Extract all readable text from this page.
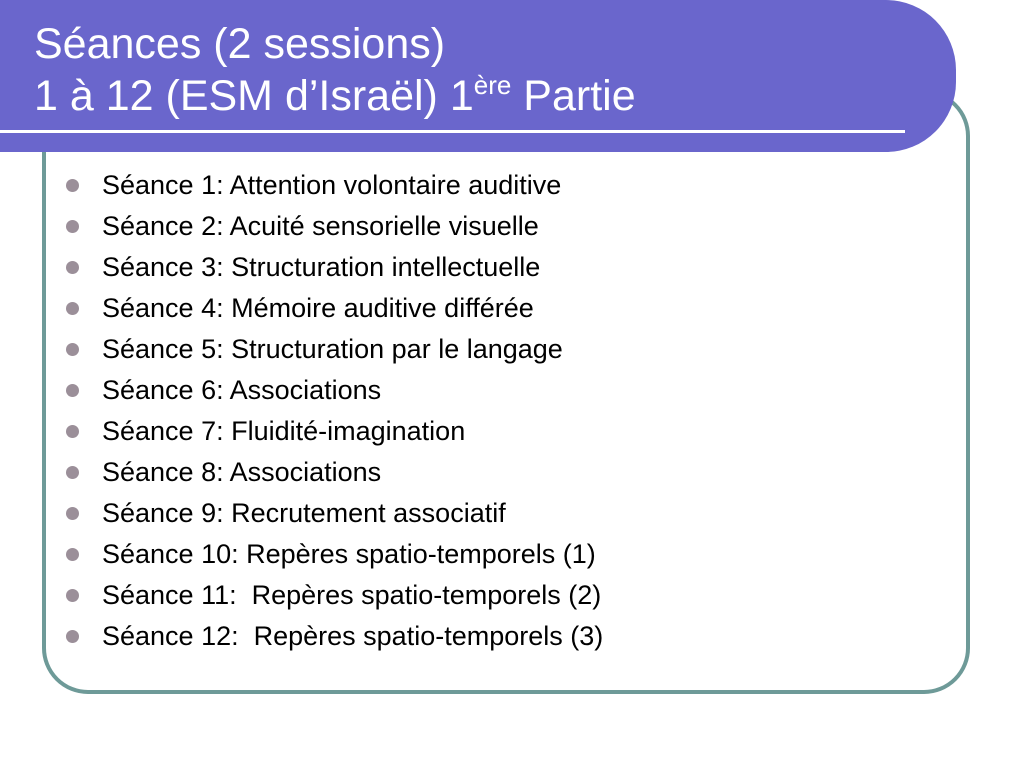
Séances (2 sessions)
1 à 12 (ESM d’Israël) 1ère Partie
Séance 1: Attention volontaire auditive
Séance 2: Acuité sensorielle visuelle
Séance 3: Structuration intellectuelle
Séance 4: Mémoire auditive différée
Séance 5: Structuration par le langage
Séance 6: Associations
Séance 7: Fluidité-imagination
Séance 8: Associations
Séance 9: Recrutement associatif
Séance 10: Repères spatio-temporels (1)
Séance 11:  Repères spatio-temporels (2)
Séance 12:  Repères spatio-temporels (3)
